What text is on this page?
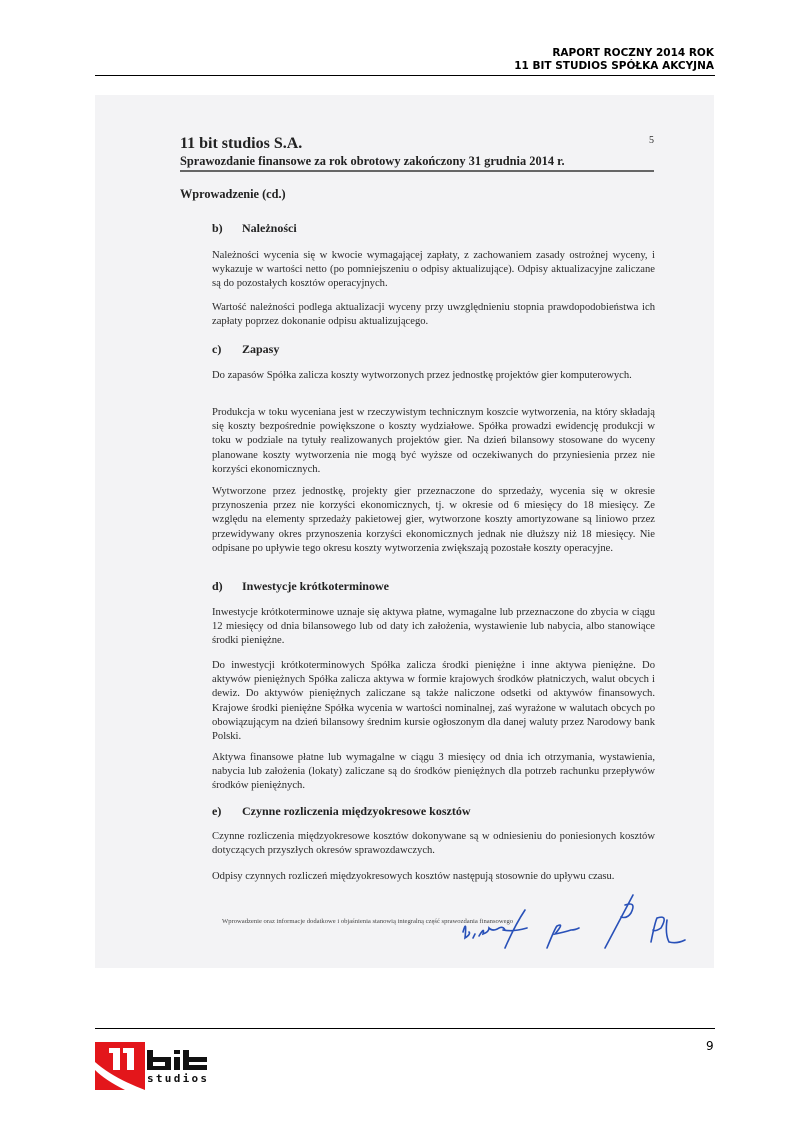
RAPORT ROCZNY 2014 ROK
11 BIT STUDIOS SPÓŁKA AKCYJNA
11 bit studios S.A.	5
Sprawozdanie finansowe za rok obrotowy zakończony 31 grudnia 2014 r.
Wprowadzenie (cd.)
b) Należności
Należności wycenia się w kwocie wymagającej zapłaty, z zachowaniem zasady ostrożnej wyceny, i wykazuje w wartości netto (po pomniejszeniu o odpisy aktualizujące). Odpisy aktualizacyjne zaliczane są do pozostałych kosztów operacyjnych.
Wartość należności podlega aktualizacji wyceny przy uwzględnieniu stopnia prawdopodobieństwa ich zapłaty poprzez dokonanie odpisu aktualizującego.
c) Zapasy
Do zapasów Spółka zalicza koszty wytworzonych przez jednostkę projektów gier komputerowych.
Produkcja w toku wyceniana jest w rzeczywistym technicznym koszcie wytworzenia, na który składają się koszty bezpośrednie powiększone o koszty wydziałowe. Spółka prowadzi ewidencję produkcji w toku w podziale na tytuły realizowanych projektów gier. Na dzień bilansowy stosowane do wyceny planowane koszty wytworzenia nie mogą być wyższe od oczekiwanych do przyniesienia przez nie korzyści ekonomicznych.
Wytworzone przez jednostkę, projekty gier przeznaczone do sprzedaży, wycenia się w okresie przynoszenia przez nie korzyści ekonomicznych, tj. w okresie od 6 miesięcy do 18 miesięcy. Ze względu na elementy sprzedaży pakietowej gier, wytworzone koszty amortyzowane są liniowo przez przewidywany okres przynoszenia korzyści ekonomicznych jednak nie dłuższy niż 18 miesięcy. Nie odpisane po upływie tego okresu koszty wytworzenia zwiększają pozostałe koszty operacyjne.
d) Inwestycje krótkoterminowe
Inwestycje krótkoterminowe uznaje się aktywa płatne, wymagalne lub przeznaczone do zbycia w ciągu 12 miesięcy od dnia bilansowego lub od daty ich założenia, wystawienie lub nabycia, albo stanowiące środki pieniężne.
Do inwestycji krótkoterminowych Spółka zalicza środki pieniężne i inne aktywa pieniężne. Do aktywów pieniężnych Spółka zalicza aktywa w formie krajowych środków płatniczych, walut obcych i dewiz. Do aktywów pieniężnych zaliczane są także naliczone odsetki od aktywów finansowych. Krajowe środki pieniężne Spółka wycenia w wartości nominalnej, zaś wyrażone w walutach obcych po obowiązującym na dzień bilansowy średnim kursie ogłoszonym dla danej waluty przez Narodowy bank Polski.
Aktywa finansowe płatne lub wymagalne w ciągu 3 miesięcy od dnia ich otrzymania, wystawienia, nabycia lub założenia (lokaty) zaliczane są do środków pieniężnych dla potrzeb rachunku przepływów środków pieniężnych.
e) Czynne rozliczenia międzyokresowe kosztów
Czynne rozliczenia międzyokresowe kosztów dokonywane są w odniesieniu do poniesionych kosztów dotyczących przyszłych okresów sprawozdawczych.
Odpisy czynnych rozliczeń międzyokresowych kosztów następują stosownie do upływu czasu.
Wprowadzenie oraz informacje dodatkowe i objaśnienia stanowią integralną część sprawozdania finansowego
9
studios
